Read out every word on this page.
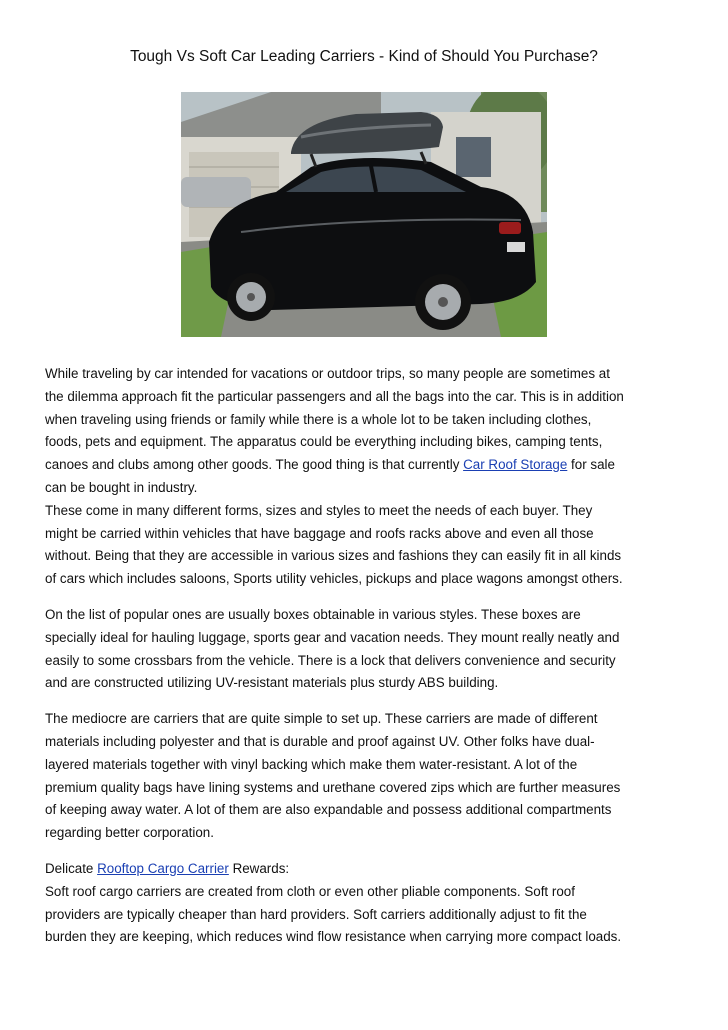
Tough Vs Soft Car Leading Carriers - Kind of Should You Purchase?

While traveling by car intended for vacations or outdoor trips, so many people are sometimes at

the dilemma approach fit the particular passengers and all the bags into the car. This is in addition

when traveling using friends or family while there is a whole lot to be taken including clothes,

foods, pets and equipment. The apparatus could be everything including bikes, camping tents,

canoes and clubs among other goods. The good thing is that currently Car Roof Storage for sale

can be bought in industry.

These come in many different forms, sizes and styles to meet the needs of each buyer. They

might be carried within vehicles that have baggage and roofs racks above and even all those

without. Being that they are accessible in various sizes and fashions they can easily fit in all kinds

of cars which includes saloons, Sports utility vehicles, pickups and place wagons amongst others.

On the list of popular ones are usually boxes obtainable in various styles. These boxes are

specially ideal for hauling luggage, sports gear and vacation needs. They mount really neatly and

easily to some crossbars from the vehicle. There is a lock that delivers convenience and security

and are constructed utilizing UV-resistant materials plus sturdy ABS building.

The mediocre are carriers that are quite simple to set up. These carriers are made of different

materials including polyester and that is durable and proof against UV. Other folks have dual-

layered materials together with vinyl backing which make them water-resistant. A lot of the

premium quality bags have lining systems and urethane covered zips which are further measures

of keeping away water. A lot of them are also expandable and possess additional compartments

regarding better corporation.

Delicate Rooftop Cargo Carrier Rewards:

Soft roof cargo carriers are created from cloth or even other pliable components. Soft roof

providers are typically cheaper than hard providers. Soft carriers additionally adjust to fit the

burden they are keeping, which reduces wind flow resistance when carrying more compact loads.
